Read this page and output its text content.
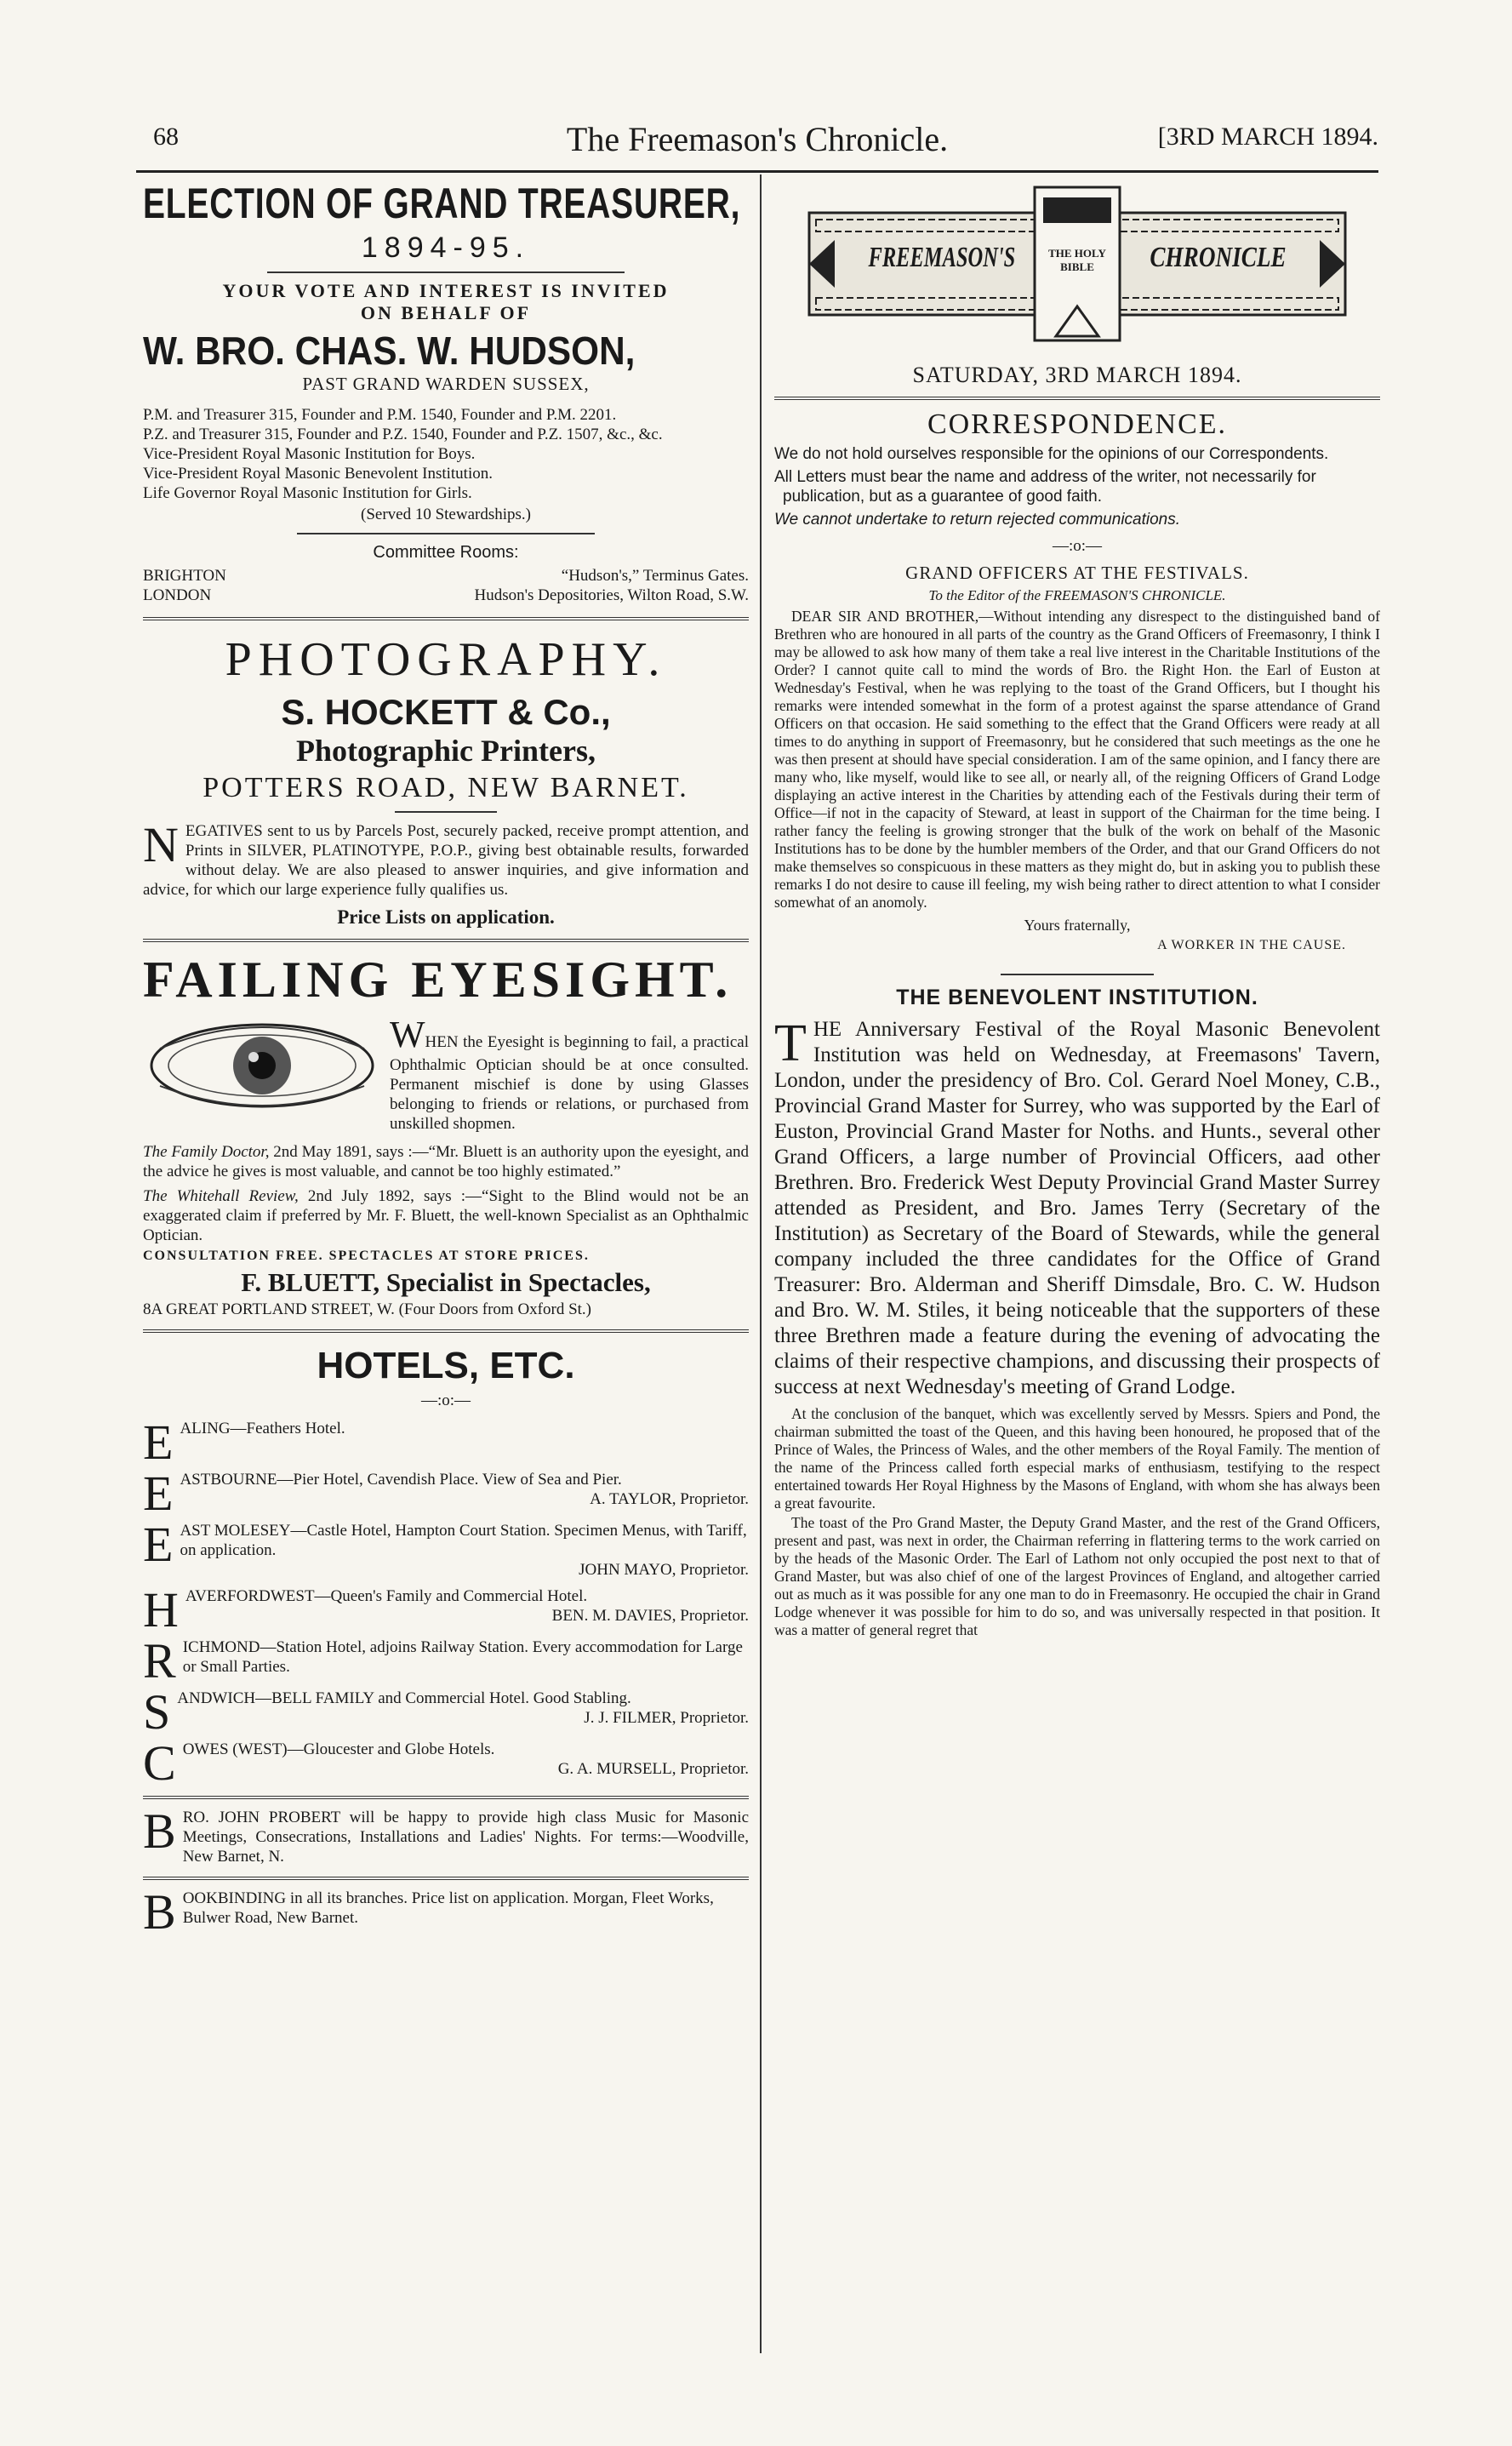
68	The Freemason's Chronicle.	[3RD MARCH 1894.
ELECTION OF GRAND TREASURER,
1894-95.
YOUR VOTE AND INTEREST IS INVITED
ON BEHALF OF
W. BRO. CHAS. W. HUDSON,
PAST GRAND WARDEN SUSSEX,
P.M. and Treasurer 315, Founder and P.M. 1540, Founder and P.M. 2201.
P.Z. and Treasurer 315, Founder and P.Z. 1540, Founder and P.Z. 1507, &c., &c.
Vice-President Royal Masonic Institution for Boys.
Vice-President Royal Masonic Benevolent Institution.
Life Governor Royal Masonic Institution for Girls.
(Served 10 Stewardships.)
Committee Rooms:
BRIGHTON	“Hudson's,” Terminus Gates.
LONDON	Hudson's Depositories, Wilton Road, S.W.
PHOTOGRAPHY.
S. HOCKETT & Co.,
Photographic Printers,
POTTERS ROAD, NEW BARNET.
N EGATIVES sent to us by Parcels Post, securely packed, receive prompt attention, and Prints in SILVER, PLATINOTYPE, P.O.P., giving best obtainable results, forwarded without delay. We are also pleased to answer inquiries, and give information and advice, for which our large experience fully qualifies us.
Price Lists on application.
FAILING EYESIGHT.
WHEN the Eyesight is beginning to fail, a practical Ophthalmic Optician should be at once consulted. Permanent mischief is done by using Glasses belonging to friends or relations, or purchased from unskilled shopmen.
The Family Doctor, 2nd May 1891, says :—“Mr. Bluett is an authority upon the eyesight, and the advice he gives is most valuable, and cannot be too highly estimated.”
The Whitehall Review, 2nd July 1892, says :—“Sight to the Blind would not be an exaggerated claim if preferred by Mr. F. Bluett, the well-known Specialist as an Ophthalmic Optician.
CONSULTATION FREE. SPECTACLES AT STORE PRICES.
F. BLUETT, Specialist in Spectacles,
8A GREAT PORTLAND STREET, W. (Four Doors from Oxford St.)
HOTELS, ETC.
—:o:—
E ALING—Feathers Hotel.
E ASTBOURNE—Pier Hotel, Cavendish Place. View of Sea and Pier.
A. TAYLOR, Proprietor.
E AST MOLESEY—Castle Hotel, Hampton Court Station. Specimen Menus, with Tariff, on application.
JOHN MAYO, Proprietor.
H AVERFORDWEST—Queen's Family and Commercial Hotel.
BEN. M. DAVIES, Proprietor.
R ICHMOND—Station Hotel, adjoins Railway Station. Every accommodation for Large or Small Parties.
S ANDWICH—BELL FAMILY and Commercial Hotel. Good Stabling.
J. J. FILMER, Proprietor.
C OWES (WEST)—Gloucester and Globe Hotels.
G. A. MURSELL, Proprietor.
B RO. JOHN PROBERT will be happy to provide high class Music for Masonic Meetings, Consecrations, Installations and Ladies' Nights. For terms:—Woodville, New Barnet, N.
B OOKBINDING in all its branches. Price list on application. Morgan, Fleet Works, Bulwer Road, New Barnet.
FREEMASON'S	THE HOLY BIBLE	CHRONICLE
SATURDAY, 3RD MARCH 1894.
CORRESPONDENCE.
We do not hold ourselves responsible for the opinions of our Correspondents.
All Letters must bear the name and address of the writer, not necessarily for publication, but as a guarantee of good faith.
We cannot undertake to return rejected communications.
—:o:—
GRAND OFFICERS AT THE FESTIVALS.
To the Editor of the FREEMASON'S CHRONICLE.
DEAR SIR AND BROTHER,—Without intending any disrespect to the distinguished band of Brethren who are honoured in all parts of the country as the Grand Officers of Freemasonry, I think I may be allowed to ask how many of them take a real live interest in the Charitable Institutions of the Order? I cannot quite call to mind the words of Bro. the Right Hon. the Earl of Euston at Wednesday's Festival, when he was replying to the toast of the Grand Officers, but I thought his remarks were intended somewhat in the form of a protest against the sparse attendance of Grand Officers on that occasion. He said something to the effect that the Grand Officers were ready at all times to do anything in support of Freemasonry, but he considered that such meetings as the one he was then present at should have special consideration. I am of the same opinion, and I fancy there are many who, like myself, would like to see all, or nearly all, of the reigning Officers of Grand Lodge displaying an active interest in the Charities by attending each of the Festivals during their term of Office—if not in the capacity of Steward, at least in support of the Chairman for the time being. I rather fancy the feeling is growing stronger that the bulk of the work on behalf of the Masonic Institutions has to be done by the humbler members of the Order, and that our Grand Officers do not make themselves so conspicuous in these matters as they might do, but in asking you to publish these remarks I do not desire to cause ill feeling, my wish being rather to direct attention to what I consider somewhat of an anomoly.
Yours fraternally,
A WORKER IN THE CAUSE.
THE BENEVOLENT INSTITUTION.
T HE Anniversary Festival of the Royal Masonic Benevolent Institution was held on Wednesday, at Freemasons' Tavern, London, under the presidency of Bro. Col. Gerard Noel Money, C.B., Provincial Grand Master for Surrey, who was supported by the Earl of Euston, Provincial Grand Master for Noths. and Hunts., several other Grand Officers, a large number of Provincial Officers, aad other Brethren. Bro. Frederick West Deputy Provincial Grand Master Surrey attended as President, and Bro. James Terry (Secretary of the Institution) as Secretary of the Board of Stewards, while the general company included the three candidates for the Office of Grand Treasurer: Bro. Alderman and Sheriff Dimsdale, Bro. C. W. Hudson and Bro. W. M. Stiles, it being noticeable that the supporters of these three Brethren made a feature during the evening of advocating the claims of their respective champions, and discussing their prospects of success at next Wednesday's meeting of Grand Lodge.
At the conclusion of the banquet, which was excellently served by Messrs. Spiers and Pond, the chairman submitted the toast of the Queen, and this having been honoured, he proposed that of the Prince of Wales, the Princess of Wales, and the other members of the Royal Family. The mention of the name of the Princess called forth especial marks of enthusiasm, testifying to the respect entertained towards Her Royal Highness by the Masons of England, with whom she has always been a great favourite.
The toast of the Pro Grand Master, the Deputy Grand Master, and the rest of the Grand Officers, present and past, was next in order, the Chairman referring in flattering terms to the work carried on by the heads of the Masonic Order. The Earl of Lathom not only occupied the post next to that of Grand Master, but was also chief of one of the largest Provinces of England, and altogether carried out as much as it was possible for any one man to do in Freemasonry. He occupied the chair in Grand Lodge whenever it was possible for him to do so, and was universally respected in that position. It was a matter of general regret that
